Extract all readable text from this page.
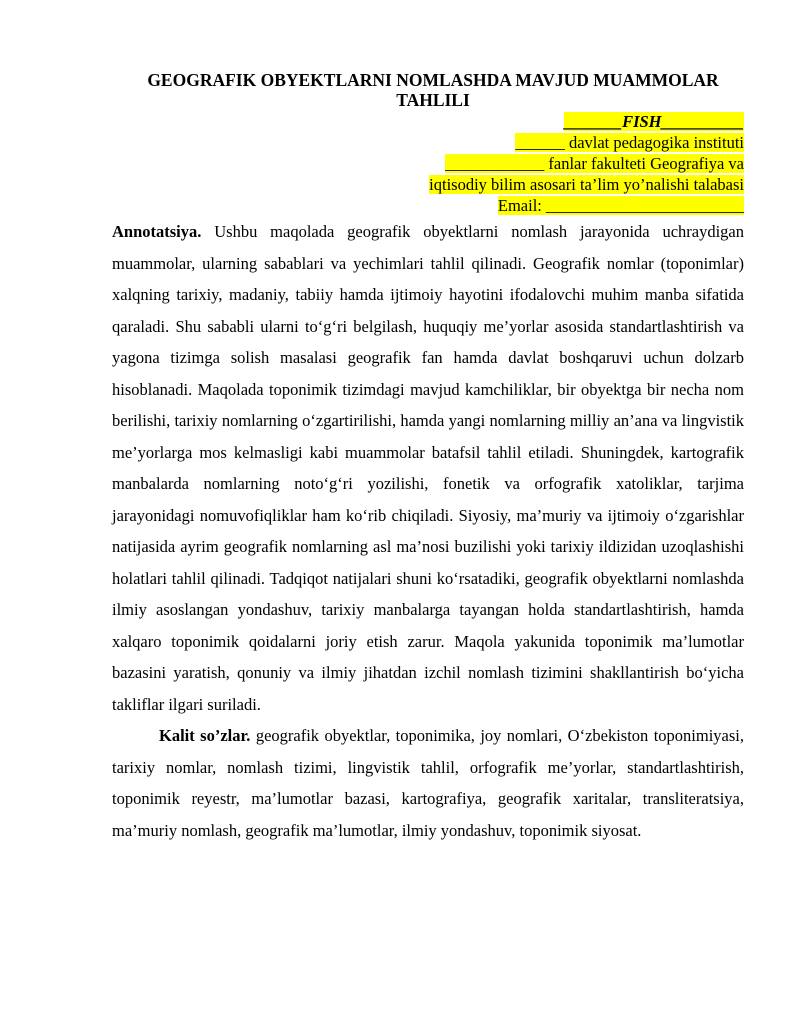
GEOGRAFIK OBYEKTLARNI NOMLASHDA MAVJUD MUAMMOLAR TAHLILI
_______FISH__________
______ davlat pedagogika instituti
____________ fanlar fakulteti Geografiya va
iqtisodiy bilim asosari ta’lim yo’nalishi talabasi
Email: ________________________

Annotatsiya. Ushbu maqolada geografik obyektlarni nomlash jarayonida uchraydigan muammolar, ularning sabablari va yechimlari tahlil qilinadi. Geografik nomlar (toponimlar) xalqning tarixiy, madaniy, tabiiy hamda ijtimoiy hayotini ifodalovchi muhim manba sifatida qaraladi. Shu sababli ularni to‘g‘ri belgilash, huquqiy me’yorlar asosida standartlashtirish va yagona tizimga solish masalasi geografik fan hamda davlat boshqaruvi uchun dolzarb hisoblanadi. Maqolada toponimik tizimdagi mavjud kamchiliklar, bir obyektga bir necha nom berilishi, tarixiy nomlarning o‘zgartirilishi, hamda yangi nomlarning milliy an’ana va lingvistik me’yorlarga mos kelmasligi kabi muammolar batafsil tahlil etiladi. Shuningdek, kartografik manbalarda nomlarning noto‘g‘ri yozilishi, fonetik va orfografik xatoliklar, tarjima jarayonidagi nomuvofiqliklar ham ko‘rib chiqiladi. Siyosiy, ma’muriy va ijtimoiy o‘zgarishlar natijasida ayrim geografik nomlarning asl ma’nosi buzilishi yoki tarixiy ildizidan uzoqlashishi holatlari tahlil qilinadi. Tadqiqot natijalari shuni ko‘rsatadiki, geografik obyektlarni nomlashda ilmiy asoslangan yondashuv, tarixiy manbalarga tayangan holda standartlashtirish, hamda xalqaro toponimik qoidalarni joriy etish zarur. Maqola yakunida toponimik ma’lumotlar bazasini yaratish, qonuniy va ilmiy jihatdan izchil nomlash tizimini shakllantirish bo‘yicha takliflar ilgari suriladi.

Kalit so’zlar. geografik obyektlar, toponimika, joy nomlari, O‘zbekiston toponimiyasi, tarixiy nomlar, nomlash tizimi, lingvistik tahlil, orfografik me’yorlar, standartlashtirish, toponimik reyestr, ma’lumotlar bazasi, kartografiya, geografik xaritalar, transliteratsiya, ma’muriy nomlash, geografik ma’lumotlar, ilmiy yondashuv, toponimik siyosat.
